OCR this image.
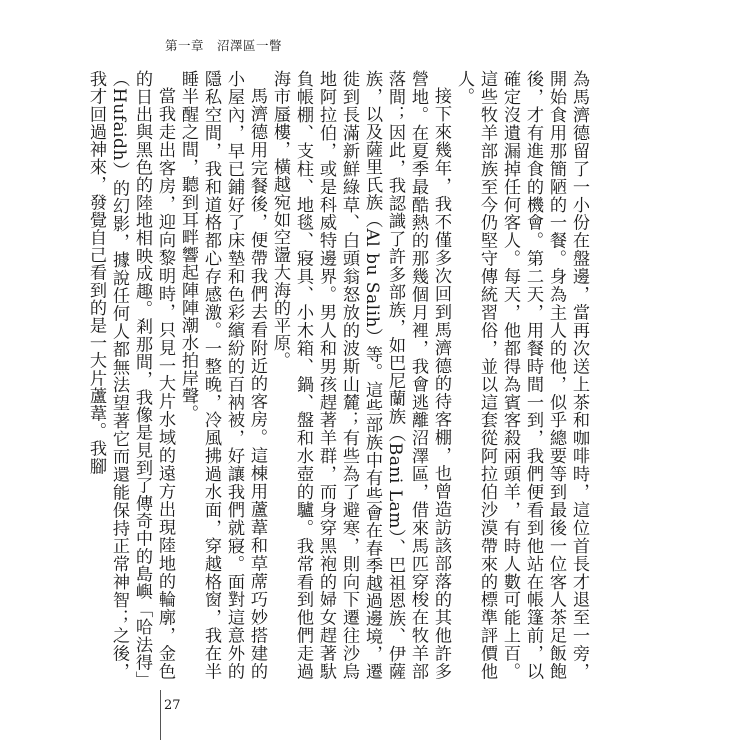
第一章　沼澤區一瞥

為馬濟德留了一小份在盤邊，當再次送上茶和咖啡時，這位首長才退至一旁，開始食用那簡陋的一餐。身為主人的他，似乎總要等到最後一位客人茶足飯飽後，才有進食的機會。第二天，用餐時間一到，我們便看到他站在帳篷前，以確定沒遺漏掉任何客人。每天，他都得為賓客殺兩頭羊，有時人數可能上百。這些牧羊部族至今仍堅守傳統習俗，並以這套從阿拉伯沙漠帶來的標準評價他人。

接下來幾年，我不僅多次回到馬濟德的待客棚，也曾造訪該部落的其他許多營地。在夏季最酷熱的那幾個月裡，我會逃離沼澤區，借來馬匹穿梭在牧羊部落間；因此，我認識了許多部族，如巴尼蘭族（Bani Lam）、巴祖恩族、伊薩族，以及薩里氏族（Al bu Salih）等。這些部族中有些會在春季越過邊境，遷徙到長滿新鮮綠草、白頭翁怒放的波斯山麓；有些為了避寒，則向下遷往沙烏地阿拉伯，或是科威特邊界。男人和男孩趕著羊群，而身穿黑袍的婦女趕著馱負帳棚、支柱、地毯、寢具、小木箱、鍋、盤和水壺的驢。我常看到他們走過海市蜃樓，橫越宛如空盪大海的平原。

馬濟德用完餐後，便帶我們去看附近的客房。這棟用蘆葦和草蓆巧妙搭建的小屋內，早已鋪好了床墊和色彩繽紛的百衲被，好讓我們就寢。面對這意外的隱私空間，我和道格都心存感激。一整晚，冷風拂過水面，穿越格窗，我在半睡半醒之間，聽到耳畔響起陣陣潮水拍岸聲。

當我走出客房，迎向黎明時，只見一大片水域的遠方出現陸地的輪廓，金色的日出與黑色的陸地相映成趣。剎那間，我像是見到了傳奇中的島嶼「哈法得」（Hufaidh）的幻影，據說任何人都無法望著它而還能保持正常神智；之後，我才回過神來，發覺自己看到的是一大片蘆葦。我腳

27
